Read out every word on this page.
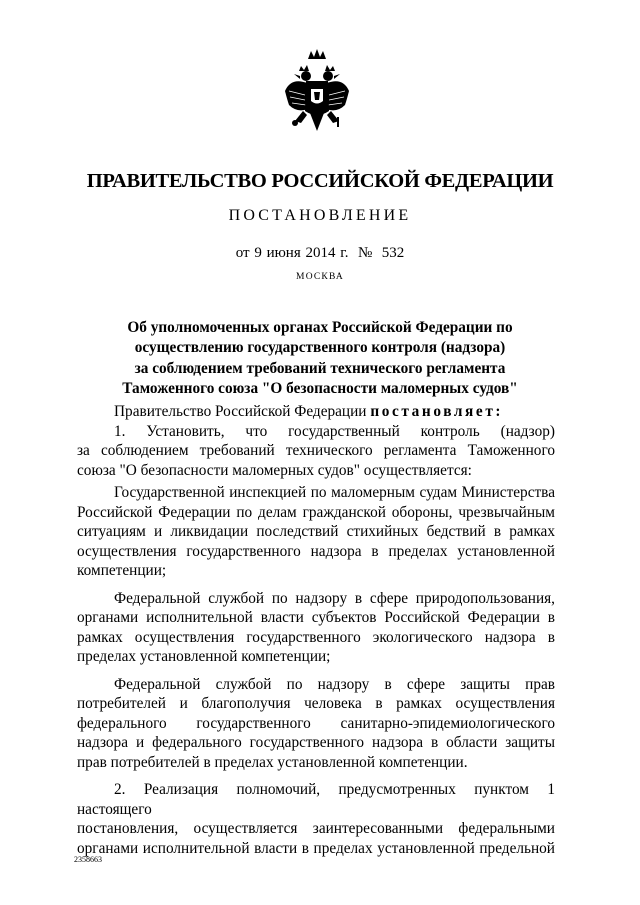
ПРАВИТЕЛЬСТВО РОССИЙСКОЙ ФЕДЕРАЦИИ
ПОСТАНОВЛЕНИЕ
от 9 июня 2014 г.  №  532
МОСКВА
Об уполномоченных органах Российской Федерации по
осуществлению государственного контроля (надзора)
за соблюдением требований технического регламента
Таможенного союза "О безопасности маломерных судов"

Правительство Российской Федерации постановляет:

1. Установить, что государственный контроль (надзор)

за соблюдением требований технического регламента Таможенного союза "О безопасности маломерных судов" осуществляется:

Государственной инспекцией по маломерным судам Министерства Российской Федерации по делам гражданской обороны, чрезвычайным ситуациям и ликвидации последствий стихийных бедствий в рамках осуществления государственного надзора в пределах установленной компетенции;

Федеральной службой по надзору в сфере природопользования, органами исполнительной власти субъектов Российской Федерации в рамках осуществления государственного экологического надзора в пределах установленной компетенции;

Федеральной службой по надзору в сфере защиты прав потребителей и благополучия человека в рамках осуществления федерального государственного санитарно-эпидемиологического надзора и федерального государственного надзора в области защиты прав потребителей в пределах установленной компетенции.

2. Реализация полномочий, предусмотренных пунктом 1 настоящего

постановления, осуществляется заинтересованными федеральными

органами исполнительной власти в пределах установленной предельной

2358663
